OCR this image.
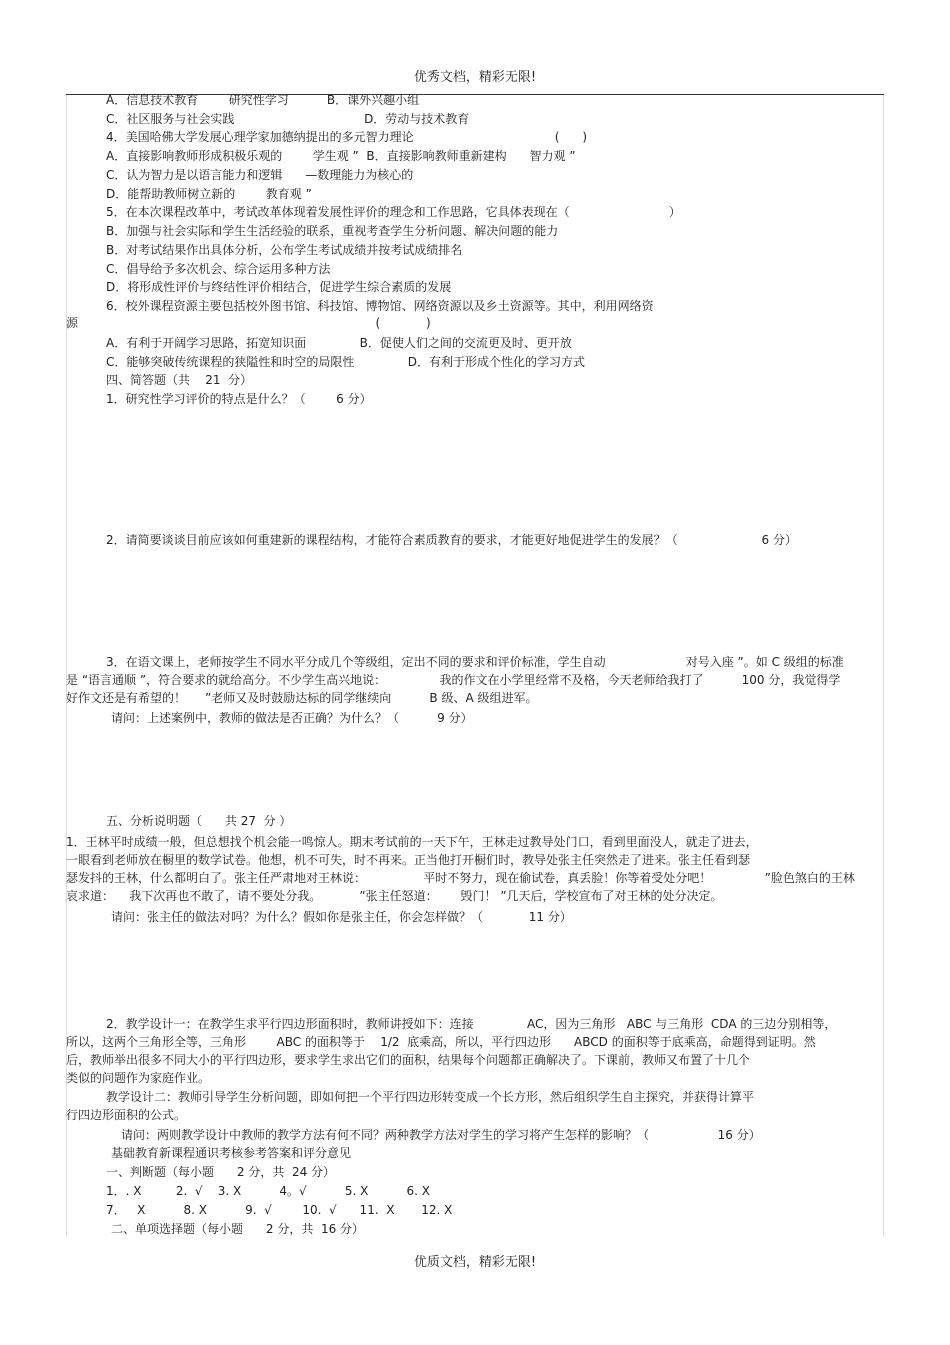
优秀文档，精彩无限!
A．信息技术教育        研究性学习          B．课外兴趣小组
C．社区服务与社会实践                                  D．劳动与技术教育
4．美国哈佛大学发展心理学家加德纳提出的多元智力理论                                     (      )
A．直接影响教师形成积极乐观的        学生观 ”  B．直接影响教师重新建构      智力观 ”
C．认为智力是以语言能力和逻辑      —数理能力为核心的
D．能帮助教师树立新的        教育观 ”
5．在本次课程改革中，考试改革体现着发展性评价的理念和工作思路，它具体表现在（                          ）
B．加强与社会实际和学生生活经验的联系，重视考查学生分析问题、解决问题的能力
B．对考试结果作出具体分析，公布学生考试成绩并按考试成绩排名
C．倡导给予多次机会、综合运用多种方法
D．将形成性评价与终结性评价相结合，促进学生综合素质的发展
6．校外课程资源主要包括校外图书馆、科技馆、博物馆、网络资源以及乡土资源等。其中，利用网络资
源                                                                              (            )
A．有利于开阔学习思路，拓宽知识面              B．促使人们之间的交流更及时、更开放
C．能够突破传统课程的狭隘性和时空的局限性              D．有利于形成个性化的学习方式
四、简答题（共    21  分）
1．研究性学习评价的特点是什么？（        6 分）
2．请简要谈谈目前应该如何重建新的课程结构，才能符合素质教育的要求，才能更好地促进学生的发展？（                      6 分）
3．在语文课上，老师按学生不同水平分成几个等级组，定出不同的要求和评价标准，学生自动                     对号入座 ”。如 C 级组的标准
是 “语言通顺 ”，符合要求的就给高分。不少学生高兴地说：              我的作文在小学里经常不及格，今天老师给我打了          100 分，我觉得学
好作文还是有希望的！     ”老师又及时鼓励达标的同学继续向          B 级、A 级组进军。
请问：上述案例中，教师的做法是否正确？为什么？（          9 分）
五、分析说明题（      共 27  分 ）
1．王林平时成绩一般，但总想找个机会能一鸣惊人。期末考试前的一天下午，王林走过教导处门口，看到里面没人，就走了进去，
一眼看到老师放在橱里的数学试卷。他想，机不可失，时不再来。正当他打开橱们时，教导处张主任突然走了进来。张主任看到瑟
瑟发抖的王林，什么都明白了。张主任严肃地对王林说：               平时不努力，现在偷试卷，真丢脸！你等着受处分吧！              ”脸色煞白的王林
哀求道：    我下次再也不敢了，请不要处分我。          ”张主任怒道：      毁门！ ”几天后，学校宣布了对王林的处分决定。
请问：张主任的做法对吗？为什么？假如你是张主任，你会怎样做？（            11 分）
2．教学设计一：在教学生求平行四边形面积时，教师讲授如下：连接              AC，因为三角形   ABC 与三角形  CDA 的三边分别相等，
所以，这两个三角形全等，三角形        ABC 的面积等于    1/2  底乘高，所以，平行四边形      ABCD 的面积等于底乘高，命题得到证明。然
后，教师举出很多不同大小的平行四边形，要求学生求出它们的面积，结果每个问题都正确解决了。下课前，教师又布置了十几个
类似的问题作为家庭作业。
教学设计二：教师引导学生分析问题，即如何把一个平行四边形转变成一个长方形，然后组织学生自主探究，并获得计算平
行四边形面积的公式。
请问：两则教学设计中教师的教学方法有何不同？两种教学方法对学生的学习将产生怎样的影响？（                  16 分）
基础教育新课程通识考核参考答案和评分意见
一、判断题（每小题      2 分，共  24 分）
1．. X         2.  √    3. X          4。√          5. X          6. X
7．   X          8. X          9.  √        10.  √      11.  X       12. X
二、单项选择题（每小题      2 分，共  16 分）
优质文档，精彩无限!
